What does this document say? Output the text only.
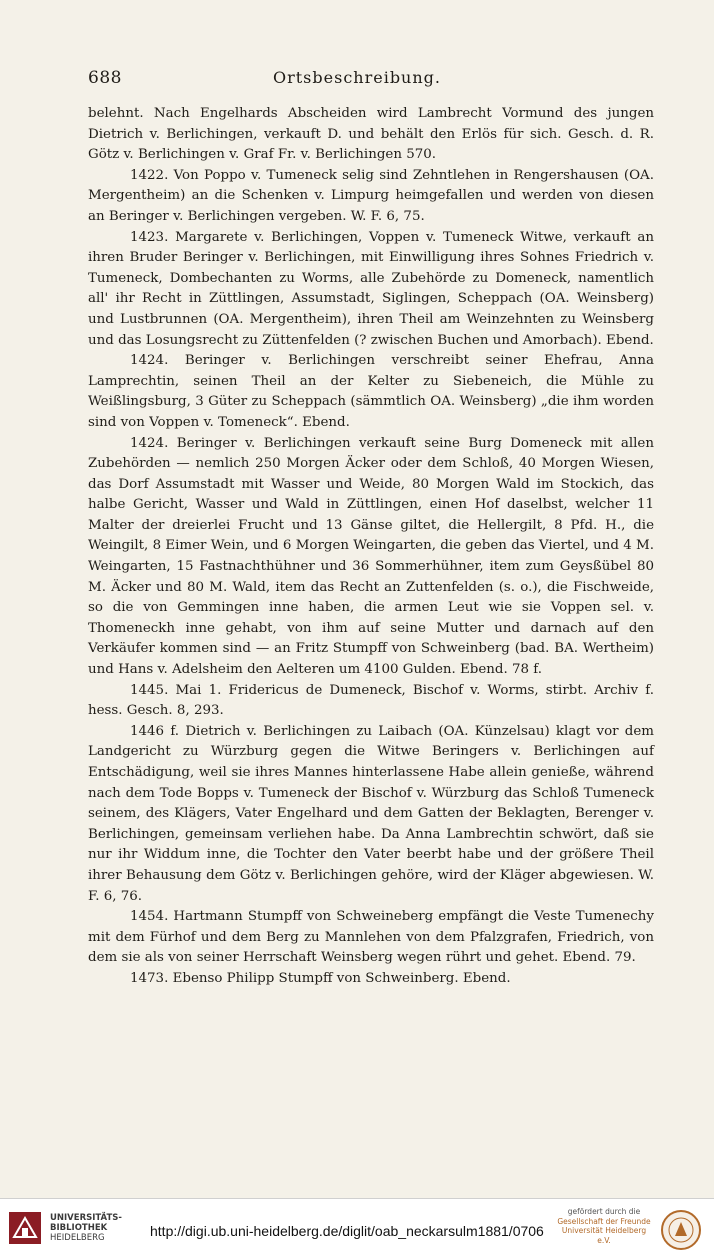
Ortsbeschreibung.
688

belehnt. Nach Engelhards Abscheiden wird Lambrecht Vormund des jungen Dietrich v. Berlichingen, verkauft D. und behält den Erlös für sich. Gesch. d. R. Götz v. Berlichingen v. Graf Fr. v. Berlichingen 570.

1422. Von Poppo v. Tumeneck selig sind Zehntlehen in Rengershausen (OA. Mergentheim) an die Schenken v. Limpurg heimgefallen und werden von diesen an Beringer v. Berlichingen vergeben. W. F. 6, 75.

1423. Margarete v. Berlichingen, Voppen v. Tumeneck Witwe, verkauft an ihren Bruder Beringer v. Berlichingen, mit Einwilligung ihres Sohnes Friedrich v. Tumeneck, Dombechanten zu Worms, alle Zubehörde zu Domeneck, namentlich all' ihr Recht in Züttlingen, Assumstadt, Siglingen, Scheppach (OA. Weinsberg) und Lustbrunnen (OA. Mergentheim), ihren Theil am Weinzehnten zu Weinsberg und das Losungsrecht zu Züttenfelden (? zwischen Buchen und Amorbach). Ebend.

1424. Beringer v. Berlichingen verschreibt seiner Ehefrau, Anna Lamprechtin, seinen Theil an der Kelter zu Siebeneich, die Mühle zu Weißlingsburg, 3 Güter zu Scheppach (sämmtlich OA. Weinsberg) „die ihm worden sind von Voppen v. Tomeneck“. Ebend.

1424. Beringer v. Berlichingen verkauft seine Burg Domeneck mit allen Zubehörden — nemlich 250 Morgen Äcker oder dem Schloß, 40 Morgen Wiesen, das Dorf Assumstadt mit Wasser und Weide, 80 Morgen Wald im Stockich, das halbe Gericht, Wasser und Wald in Züttlingen, einen Hof daselbst, welcher 11 Malter der dreierlei Frucht und 13 Gänse giltet, die Hellergilt, 8 Pfd. H., die Weingilt, 8 Eimer Wein, und 6 Morgen Weingarten, die geben das Viertel, und 4 M. Weingarten, 15 Fastnachthühner und 36 Sommerhühner, item zum Geysßübel 80 M. Äcker und 80 M. Wald, item das Recht an Zuttenfelden (s. o.), die Fischweide, so die von Gemmingen inne haben, die armen Leut wie sie Voppen sel. v. Thomeneckh inne gehabt, von ihm auf seine Mutter und darnach auf den Verkäufer kommen sind — an Fritz Stumpff von Schweinberg (bad. BA. Wertheim) und Hans v. Adelsheim den Aelteren um 4100 Gulden. Ebend. 78 f.

1445. Mai 1. Fridericus de Dumeneck, Bischof v. Worms, stirbt. Archiv f. hess. Gesch. 8, 293.

1446 f. Dietrich v. Berlichingen zu Laibach (OA. Künzelsau) klagt vor dem Landgericht zu Würzburg gegen die Witwe Beringers v. Berlichingen auf Entschädigung, weil sie ihres Mannes hinterlassene Habe allein genieße, während nach dem Tode Bopps v. Tumeneck der Bischof v. Würzburg das Schloß Tumeneck seinem, des Klägers, Vater Engelhard und dem Gatten der Beklagten, Berenger v. Berlichingen, gemeinsam verliehen habe. Da Anna Lambrechtin schwört, daß sie nur ihr Widdum inne, die Tochter den Vater beerbt habe und der größere Theil ihrer Behausung dem Götz v. Berlichingen gehöre, wird der Kläger abgewiesen. W. F. 6, 76.

1454. Hartmann Stumpff von Schweineberg empfängt die Veste Tumenechy mit dem Fürhof und dem Berg zu Mannlehen von dem Pfalzgrafen, Friedrich, von dem sie als von seiner Herrschaft Weinsberg wegen rührt und gehet. Ebend. 79.

1473. Ebenso Philipp Stumpff von Schweinberg. Ebend.

UNIVERSITÄTS-
BIBLIOTHEK
HEIDELBERG	http://digi.ub.uni-heidelberg.de/diglit/oab_neckarsulm1881/0706
gefördert durch die
Gesellschaft der Freunde
Universität Heidelberg e.V.
